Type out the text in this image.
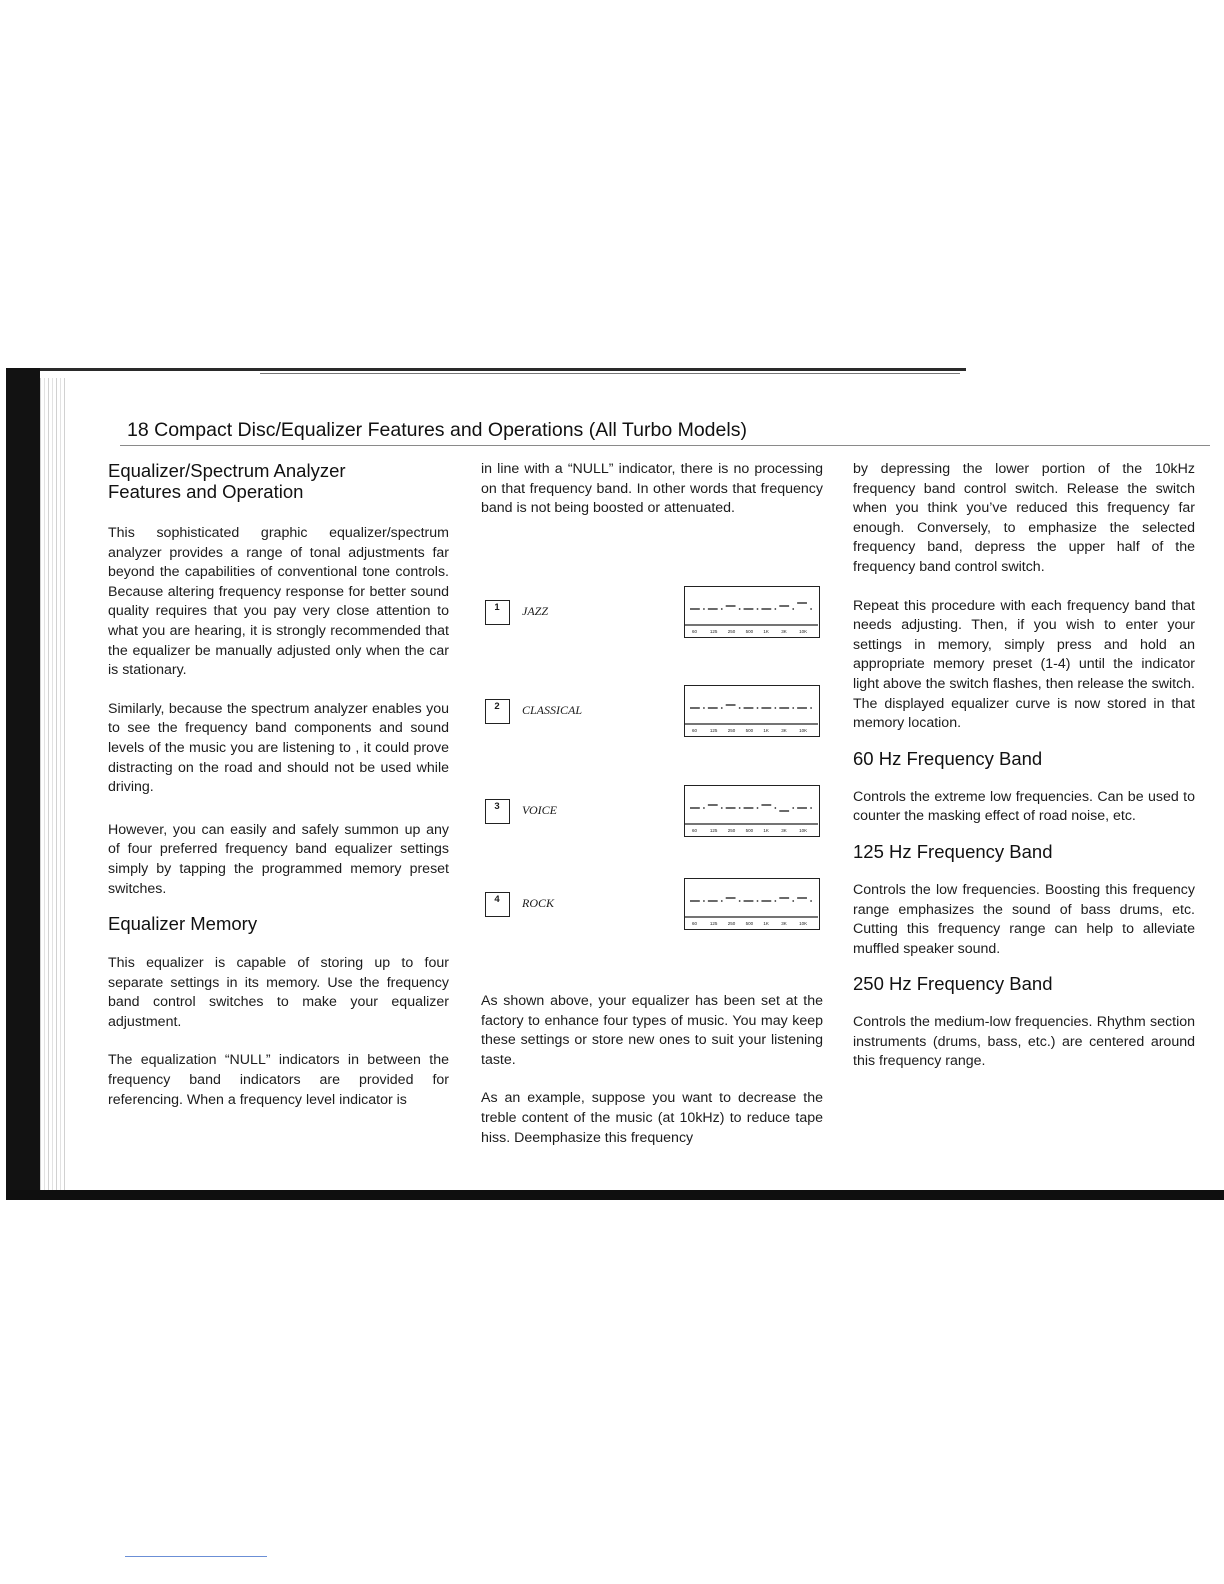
18 Compact Disc/Equalizer Features and Operations (All Turbo Models)
Equalizer/Spectrum Analyzer
Features and Operation

This sophisticated graphic equalizer/spectrum analyzer provides a range of tonal adjustments far beyond the capabilities of conventional tone controls. Because altering frequency response for better sound quality requires that you pay very close attention to what you are hearing, it is strongly recommended that the equalizer be manually adjusted only when the car is stationary.

Similarly, because the spectrum analyzer enables you to see the frequency band components and sound levels of the music you are listening to , it could prove distracting on the road and should not be used while driving.

However, you can easily and safely summon up any of four preferred frequency band equalizer settings simply by tapping the programmed memory preset switches.

Equalizer Memory

This equalizer is capable of storing up to four separate settings in its memory. Use the frequency band control switches to make your equalizer adjustment.

The equalization “NULL” indicators in between the frequency band indicators are provided for referencing. When a frequency level indicator is

in line with a “NULL” indicator, there is no processing on that frequency band. In other words that frequency band is not being boosted or attenuated.

1	JAZZ
60	125 250 500 1K	3K	10K
2	CLASSICAL
60	125 250 500 1K	3K	10K
3	VOICE
60	125 250 500 1K	3K	10K
4	ROCK
60	125 250 500 1K	3K	10K

As shown above, your equalizer has been set at the factory to enhance four types of music. You may keep these settings or store new ones to suit your listening taste.

As an example, suppose you want to decrease the treble content of the music (at 10kHz) to reduce tape hiss. Deemphasize this frequency

by depressing the lower portion of the 10kHz frequency band control switch. Release the switch when you think you’ve reduced this frequency far enough. Conversely, to emphasize the selected frequency band, depress the upper half of the frequency band control switch.

Repeat this procedure with each frequency band that needs adjusting. Then, if you wish to enter your settings in memory, simply press and hold an appropriate memory preset (1-4) until the indicator light above the switch flashes, then release the switch. The displayed equalizer curve is now stored in that memory location.

60 Hz Frequency Band

Controls the extreme low frequencies. Can be used to counter the masking effect of road noise, etc.

125 Hz Frequency Band

Controls the low frequencies. Boosting this frequency range emphasizes the sound of bass drums, etc. Cutting this frequency range can help to alleviate muffled speaker sound.

250 Hz Frequency Band

Controls the medium-low frequencies. Rhythm section instruments (drums, bass, etc.) are centered around this frequency range.
